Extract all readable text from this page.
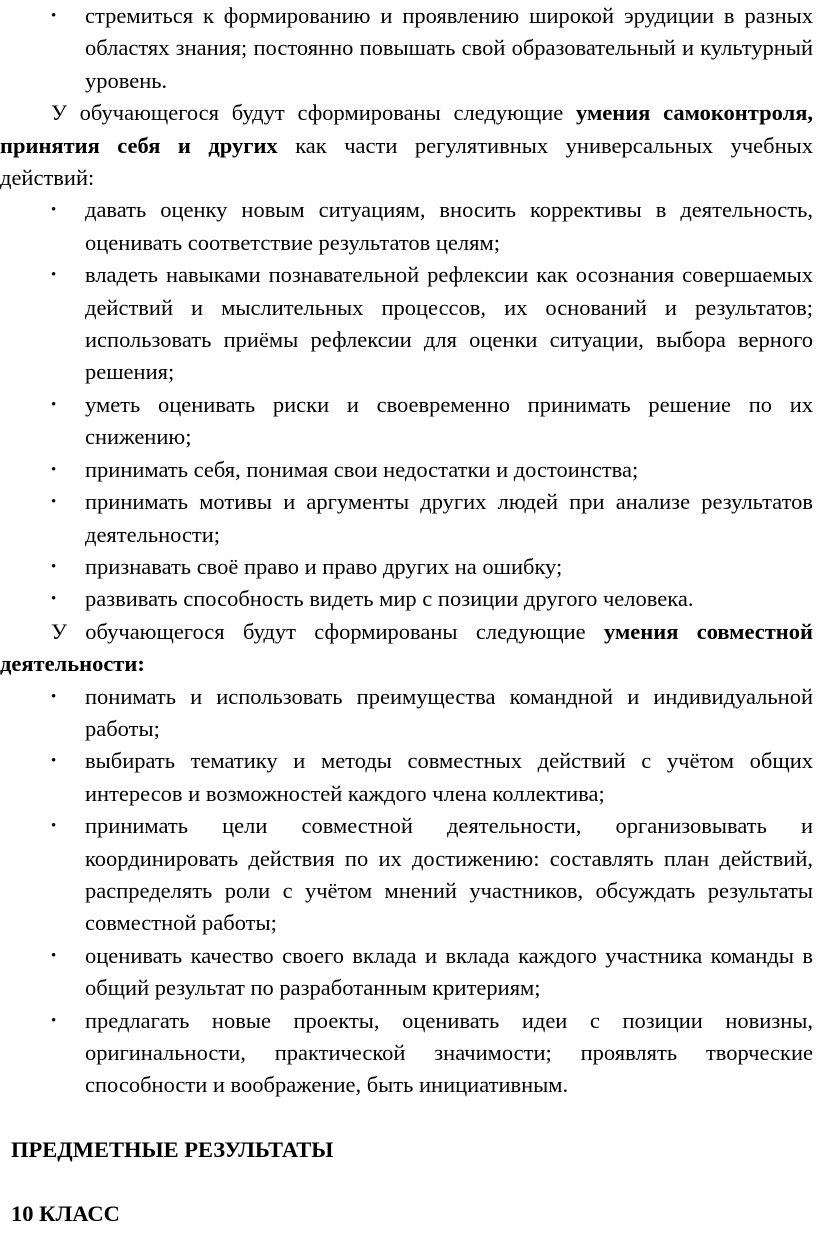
• стремиться к формированию и проявлению широкой эрудиции в разных областях знания; постоянно повышать свой образовательный и культурный уровень.

У обучающегося будут сформированы следующие умения самоконтроля, принятия себя и других как части регулятивных универсальных учебных действий:

• давать оценку новым ситуациям, вносить коррективы в деятельность, оценивать соответствие результатов целям;
• владеть навыками познавательной рефлексии как осознания совершаемых действий и мыслительных процессов, их оснований и результатов; использовать приёмы рефлексии для оценки ситуации, выбора верного решения;
• уметь оценивать риски и своевременно принимать решение по их снижению;
• принимать себя, понимая свои недостатки и достоинства;
• принимать мотивы и аргументы других людей при анализе результатов деятельности;
• признавать своё право и право других на ошибку;
• развивать способность видеть мир с позиции другого человека.

У обучающегося будут сформированы следующие умения совместной деятельности:

• понимать и использовать преимущества командной и индивидуальной работы;
• выбирать тематику и методы совместных действий с учётом общих интересов и возможностей каждого члена коллектива;
• принимать цели совместной деятельности, организовывать и координировать действия по их достижению: составлять план действий, распределять роли с учётом мнений участников, обсуждать результаты совместной работы;
• оценивать качество своего вклада и вклада каждого участника команды в общий результат по разработанным критериям;
• предлагать новые проекты, оценивать идеи с позиции новизны, оригинальности, практической значимости; проявлять творческие способности и воображение, быть инициативным.
ПРЕДМЕТНЫЕ РЕЗУЛЬТАТЫ
10 КЛАСС
